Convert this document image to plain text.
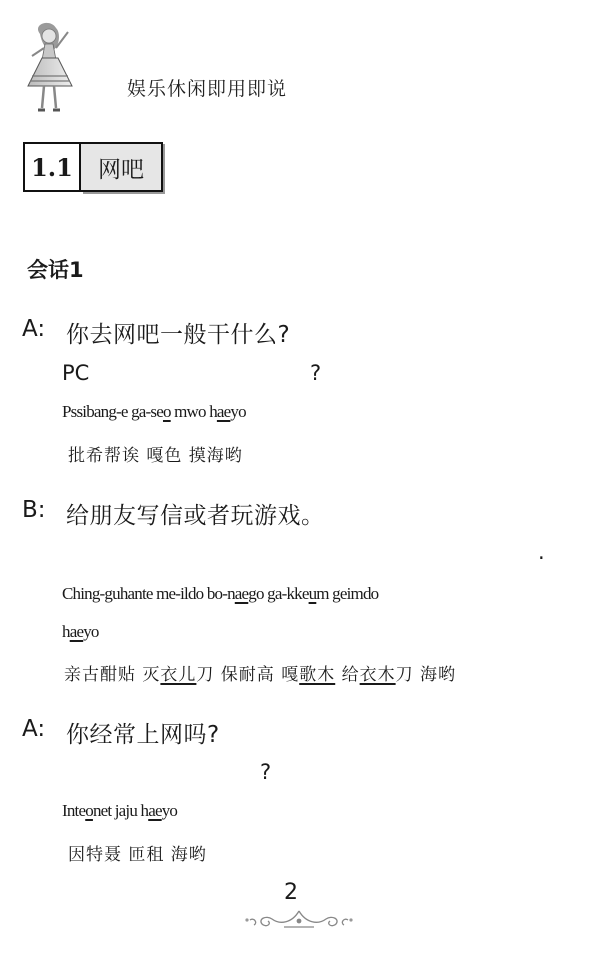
娱乐休闲即用即说
1.1	网吧
会话1
A: 你去网吧一般干什么?
PC	?
Pssibang-e ga-seo mwo haeyo
批希帮诶 嘎色 摸海哟
B: 给朋友写信或者玩游戏。
.
Ching-guhante me-ildo bo-naego ga-kkeum geimdo
haeyo
亲古酣贴 灭衣儿刀 保耐高 嘎歌木 给衣木刀 海哟
A: 你经常上网吗?
?
Inteonet jaju haeyo
因特聂 匝租 海哟
2
